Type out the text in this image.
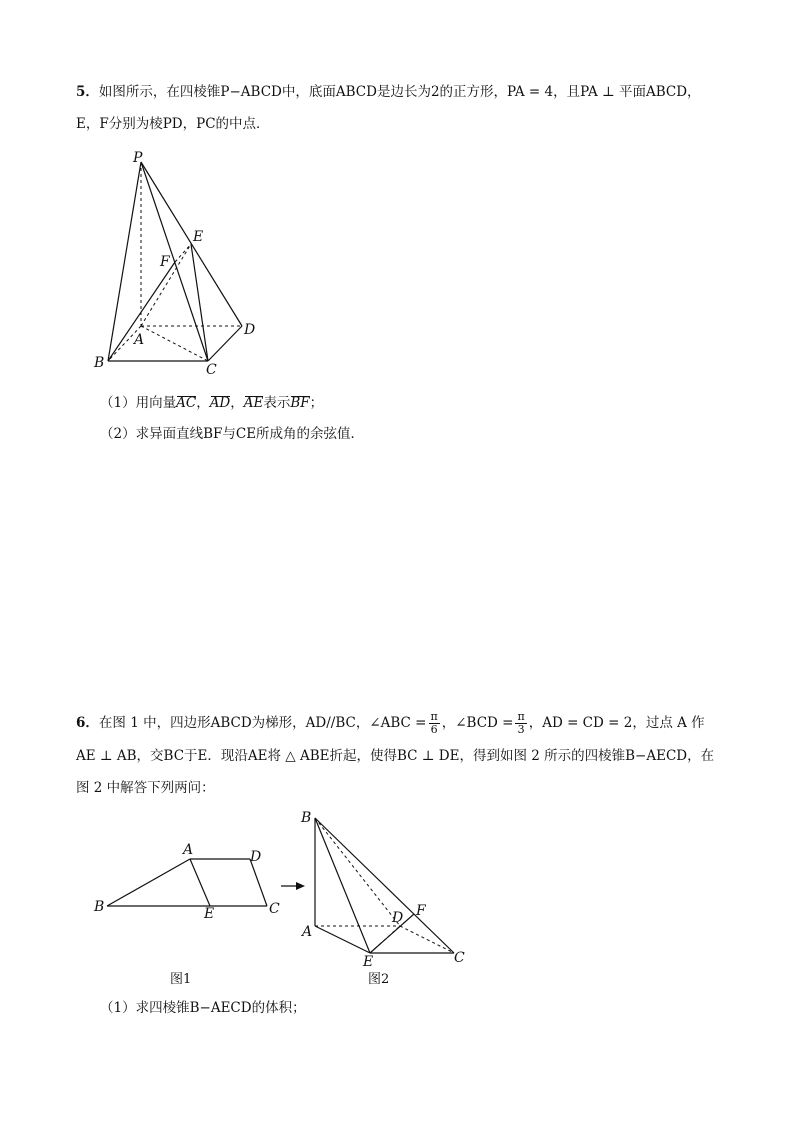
5．如图所示，在四棱锥P−ABCD中，底面ABCD是边长为2的正方形，PA = 4，且PA ⊥ 平面ABCD，
E，F分别为棱PD，PC的中点．
P
E
F
A
D
B	C
（1）用向量AC，AD，AE表示BF；
（2）求异面直线BF与CE所成角的余弦值．
6．在图 1 中，四边形ABCD为梯形，AD//BC，∠ABC = $\frac{\pi}{6}$ ，∠BCD = $\frac{\pi}{3}$ ，AD = CD = 2，过点 A 作
AE ⊥ AB，交BC于E．现沿AE将 △ ABE折起，使得BC ⊥ DE，得到如图 2 所示的四棱锥B−AECD，在
图 2 中解答下列两问：
A	D
B	E	C
图1
B
D F
A
E	C
图2
（1）求四棱锥B−AECD的体积；
